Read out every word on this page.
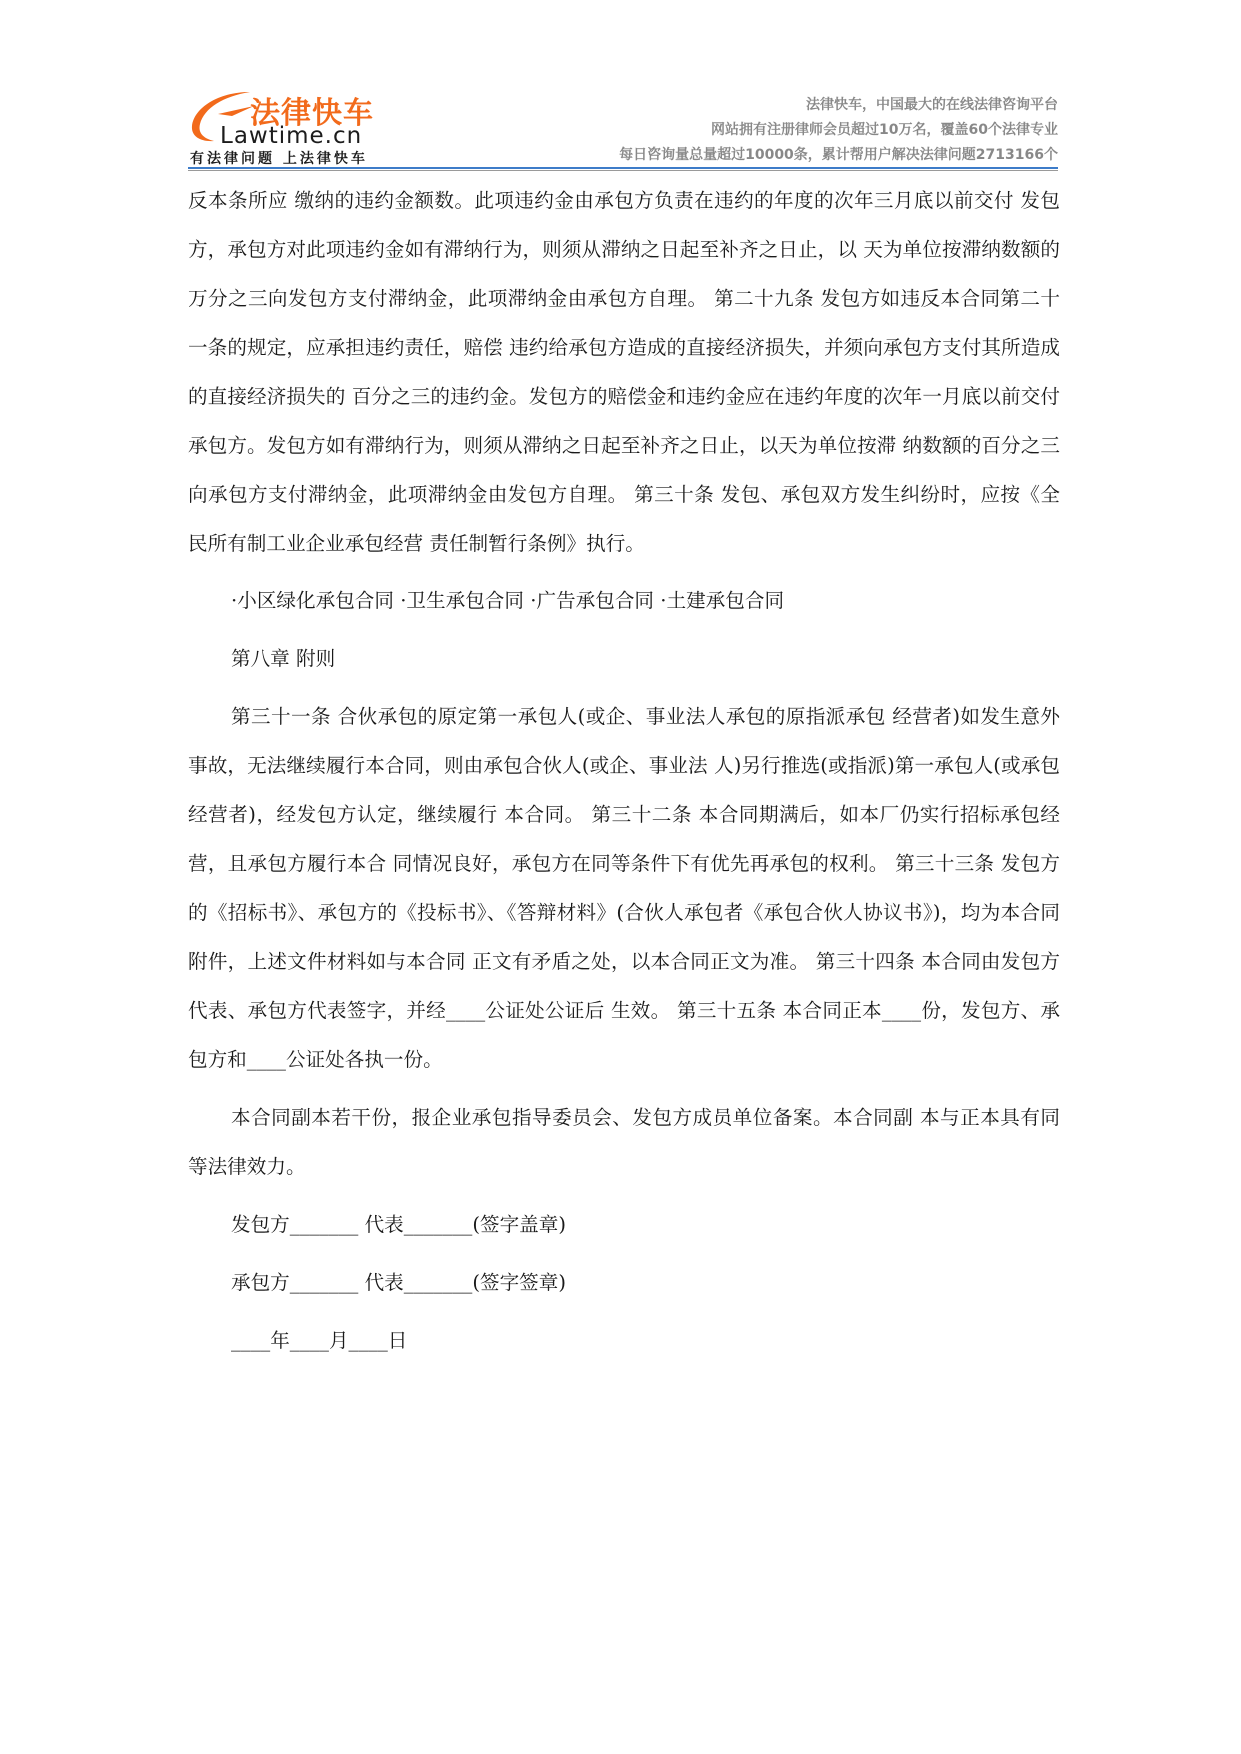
法律快车
Lawtime.cn
有法律问题 上法律快车
法律快车，中国最大的在线法律咨询平台
网站拥有注册律师会员超过10万名，覆盖60个法律专业
每日咨询量总量超过10000条，累计帮用户解决法律问题2713166个

反本条所应 缴纳的违约金额数。此项违约金由承包方负责在违约的年度的次年三月底以前交付 发包方，承包方对此项违约金如有滞纳行为，则须从滞纳之日起至补齐之日止，以 天为单位按滞纳数额的万分之三向发包方支付滞纳金，此项滞纳金由承包方自理。 第二十九条 发包方如违反本合同第二十一条的规定，应承担违约责任，赔偿 违约给承包方造成的直接经济损失，并须向承包方支付其所造成的直接经济损失的 百分之三的违约金。发包方的赔偿金和违约金应在违约年度的次年一月底以前交付 承包方。发包方如有滞纳行为，则须从滞纳之日起至补齐之日止，以天为单位按滞 纳数额的百分之三向承包方支付滞纳金，此项滞纳金由发包方自理。 第三十条 发包、承包双方发生纠纷时，应按《全民所有制工业企业承包经营 责任制暂行条例》执行。

·小区绿化承包合同 ·卫生承包合同 ·广告承包合同 ·土建承包合同

第八章 附则

第三十一条 合伙承包的原定第一承包人(或企、事业法人承包的原指派承包 经营者)如发生意外事故，无法继续履行本合同，则由承包合伙人(或企、事业法 人)另行推选(或指派)第一承包人(或承包经营者)，经发包方认定，继续履行 本合同。 第三十二条 本合同期满后，如本厂仍实行招标承包经营，且承包方履行本合 同情况良好，承包方在同等条件下有优先再承包的权利。 第三十三条 发包方的《招标书》、承包方的《投标书》、《答辩材料》(合伙人承包者《承包合伙人协议书》)，均为本合同附件，上述文件材料如与本合同 正文有矛盾之处，以本合同正文为准。 第三十四条 本合同由发包方代表、承包方代表签字，并经____公证处公证后 生效。 第三十五条 本合同正本____份，发包方、承包方和____公证处各执一份。

本合同副本若干份，报企业承包指导委员会、发包方成员单位备案。本合同副 本与正本具有同等法律效力。

发包方_______ 代表_______(签字盖章)

承包方_______ 代表_______(签字签章)

____年____月____日
